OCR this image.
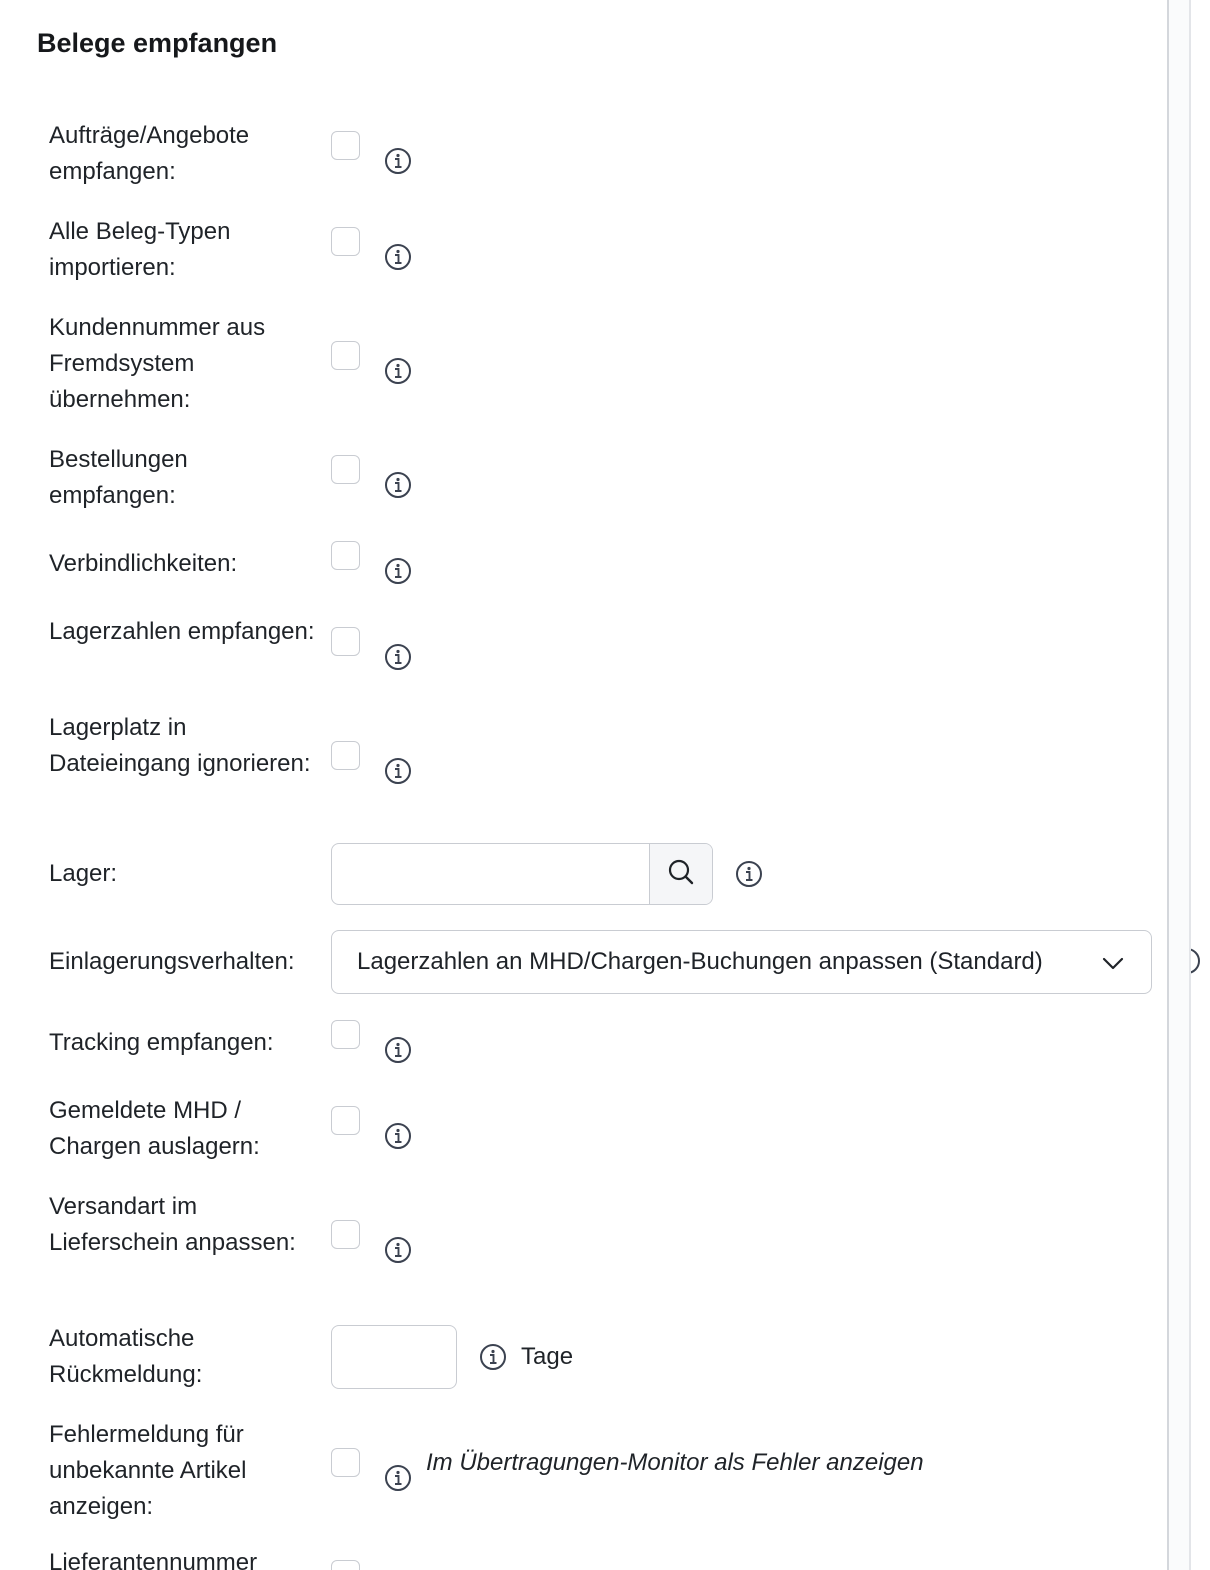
Belege empfangen
Aufträge/Angebote empfangen:
Alle Beleg-Typen importieren:
Kundennummer aus Fremdsystem übernehmen:
Bestellungen empfangen:
Verbindlichkeiten:
Lagerzahlen empfangen:
Lagerplatz in Dateieingang ignorieren:
Lager:
Einlagerungsverhalten:	Lagerzahlen an MHD/Chargen-Buchungen anpassen (Standard)
Tracking empfangen:
Gemeldete MHD / Chargen auslagern:
Versandart im Lieferschein anpassen:
Automatische Rückmeldung:
Tage
Fehlermeldung für unbekannte Artikel anzeigen:
Im Übertragungen-Monitor als Fehler anzeigen
Lieferantennummer
